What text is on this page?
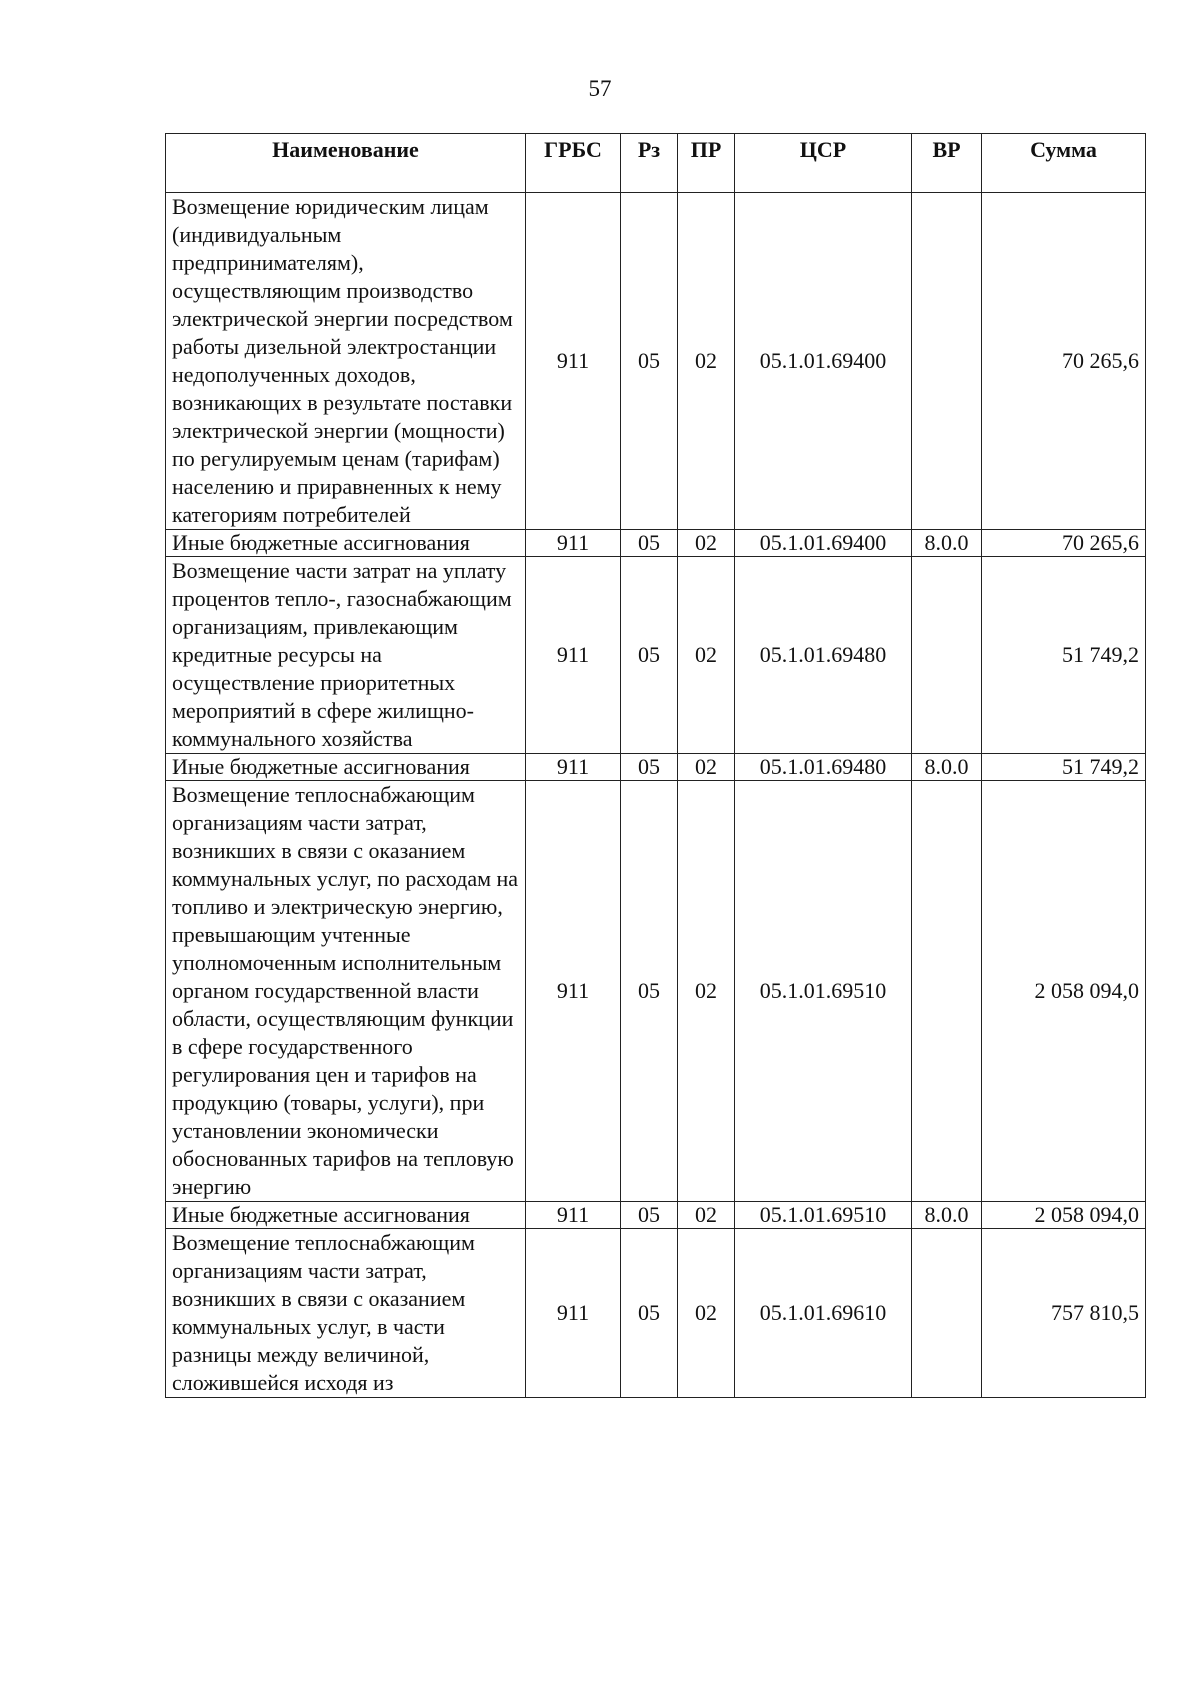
57
Наименование	ГРБС	Рз	ПР	ЦСР	ВР	Сумма
Возмещение юридическим лицам (индивидуальным предпринимателям), осуществляющим производство электрической энергии посредством работы дизельной электростанции недополученных доходов, возникающих в результате поставки электрической энергии (мощности) по регулируемым ценам (тарифам) населению и приравненных к нему категориям потребителей	911	05	02	05.1.01.69400		70 265,6
Иные бюджетные ассигнования	911	05	02	05.1.01.69400	8.0.0	70 265,6
Возмещение части затрат на уплату процентов тепло-, газоснабжающим организациям, привлекающим кредитные ресурсы на осуществление приоритетных мероприятий в сфере жилищно-коммунального хозяйства	911	05	02	05.1.01.69480		51 749,2
Иные бюджетные ассигнования	911	05	02	05.1.01.69480	8.0.0	51 749,2
Возмещение теплоснабжающим организациям части затрат, возникших в связи с оказанием коммунальных услуг, по расходам на топливо и электрическую энергию, превышающим учтенные уполномоченным исполнительным органом государственной власти области, осуществляющим функции в сфере государственного регулирования цен и тарифов на продукцию (товары, услуги), при установлении экономически обоснованных тарифов на тепловую энергию	911	05	02	05.1.01.69510		2 058 094,0
Иные бюджетные ассигнования	911	05	02	05.1.01.69510	8.0.0	2 058 094,0
Возмещение теплоснабжающим организациям части затрат, возникших в связи с оказанием коммунальных услуг, в части разницы между величиной, сложившейся исходя из	911	05	02	05.1.01.69610		757 810,5
